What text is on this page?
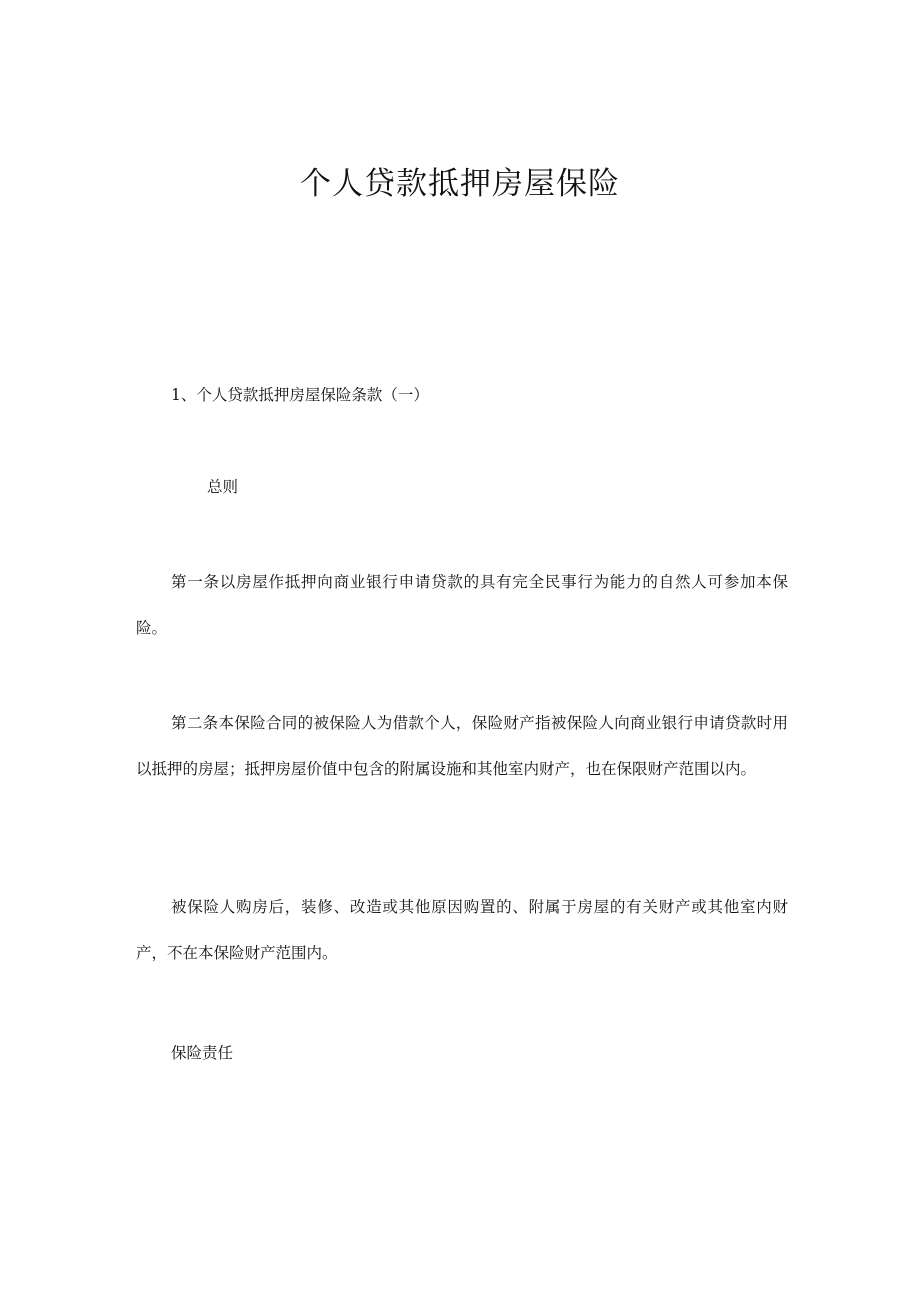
个人贷款抵押房屋保险

1、个人贷款抵押房屋保险条款（一）

总则

第一条以房屋作抵押向商业银行申请贷款的具有完全民事行为能力的自然人可参加本保险。

第二条本保险合同的被保险人为借款个人，保险财产指被保险人向商业银行申请贷款时用以抵押的房屋；抵押房屋价值中包含的附属设施和其他室内财产，也在保限财产范围以内。

被保险人购房后，装修、改造或其他原因购置的、附属于房屋的有关财产或其他室内财产，不在本保险财产范围内。

保险责任
